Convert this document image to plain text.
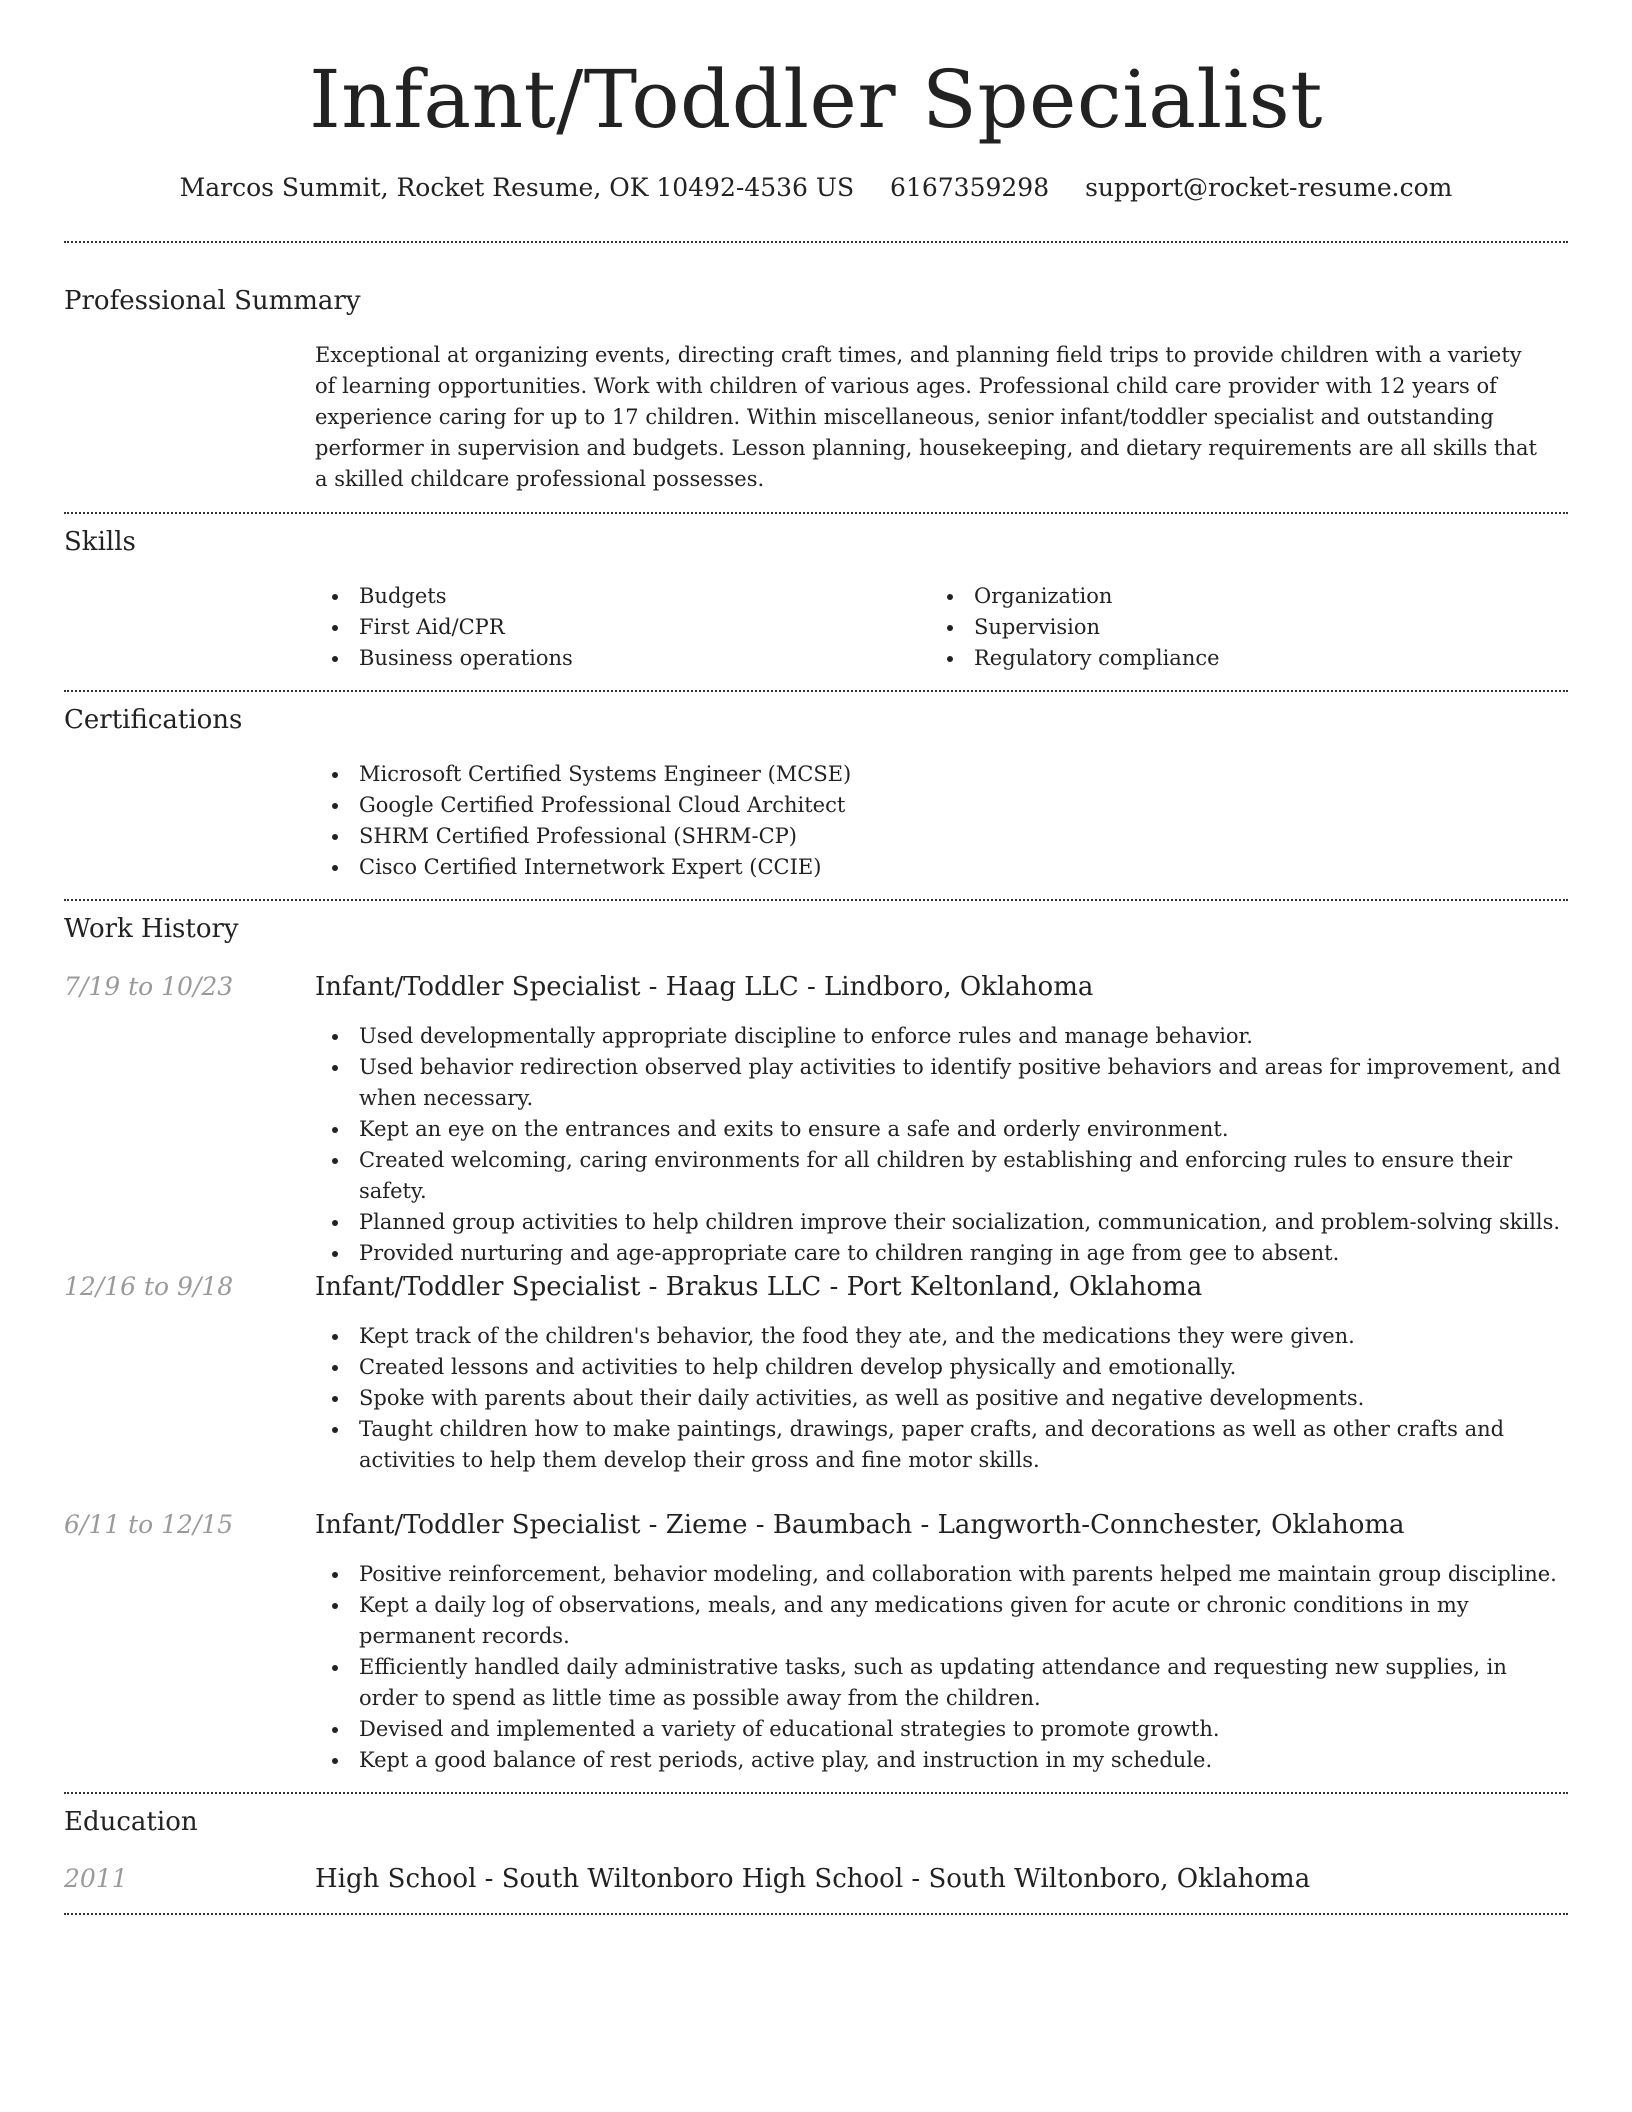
Infant/Toddler Specialist
Marcos Summit, Rocket Resume, OK 10492-4536 US 6167359298 support@rocket-resume.com
Professional Summary
Exceptional at organizing events, directing craft times, and planning field trips to provide children with a variety of learning opportunities. Work with children of various ages. Professional child care provider with 12 years of experience caring for up to 17 children. Within miscellaneous, senior infant/toddler specialist and outstanding performer in supervision and budgets. Lesson planning, housekeeping, and dietary requirements are all skills that a skilled childcare professional possesses.
Skills
Budgets
First Aid/CPR
Business operations
Organization
Supervision
Regulatory compliance
Certifications
Microsoft Certified Systems Engineer (MCSE)
Google Certified Professional Cloud Architect
SHRM Certified Professional (SHRM-CP)
Cisco Certified Internetwork Expert (CCIE)
Work History
7/19 to 10/23	Infant/Toddler Specialist - Haag LLC - Lindboro, Oklahoma
Used developmentally appropriate discipline to enforce rules and manage behavior.
Used behavior redirection observed play activities to identify positive behaviors and areas for improvement, and when necessary.
Kept an eye on the entrances and exits to ensure a safe and orderly environment.
Created welcoming, caring environments for all children by establishing and enforcing rules to ensure their safety.
Planned group activities to help children improve their socialization, communication, and problem-solving skills.
Provided nurturing and age-appropriate care to children ranging in age from gee to absent.
12/16 to 9/18	Infant/Toddler Specialist - Brakus LLC - Port Keltonland, Oklahoma
Kept track of the children's behavior, the food they ate, and the medications they were given.
Created lessons and activities to help children develop physically and emotionally.
Spoke with parents about their daily activities, as well as positive and negative developments.
Taught children how to make paintings, drawings, paper crafts, and decorations as well as other crafts and activities to help them develop their gross and fine motor skills.
6/11 to 12/15	Infant/Toddler Specialist - Zieme - Baumbach - Langworth-Connchester, Oklahoma
Positive reinforcement, behavior modeling, and collaboration with parents helped me maintain group discipline.
Kept a daily log of observations, meals, and any medications given for acute or chronic conditions in my permanent records.
Efficiently handled daily administrative tasks, such as updating attendance and requesting new supplies, in order to spend as little time as possible away from the children.
Devised and implemented a variety of educational strategies to promote growth.
Kept a good balance of rest periods, active play, and instruction in my schedule.
Education
2011	High School - South Wiltonboro High School - South Wiltonboro, Oklahoma
